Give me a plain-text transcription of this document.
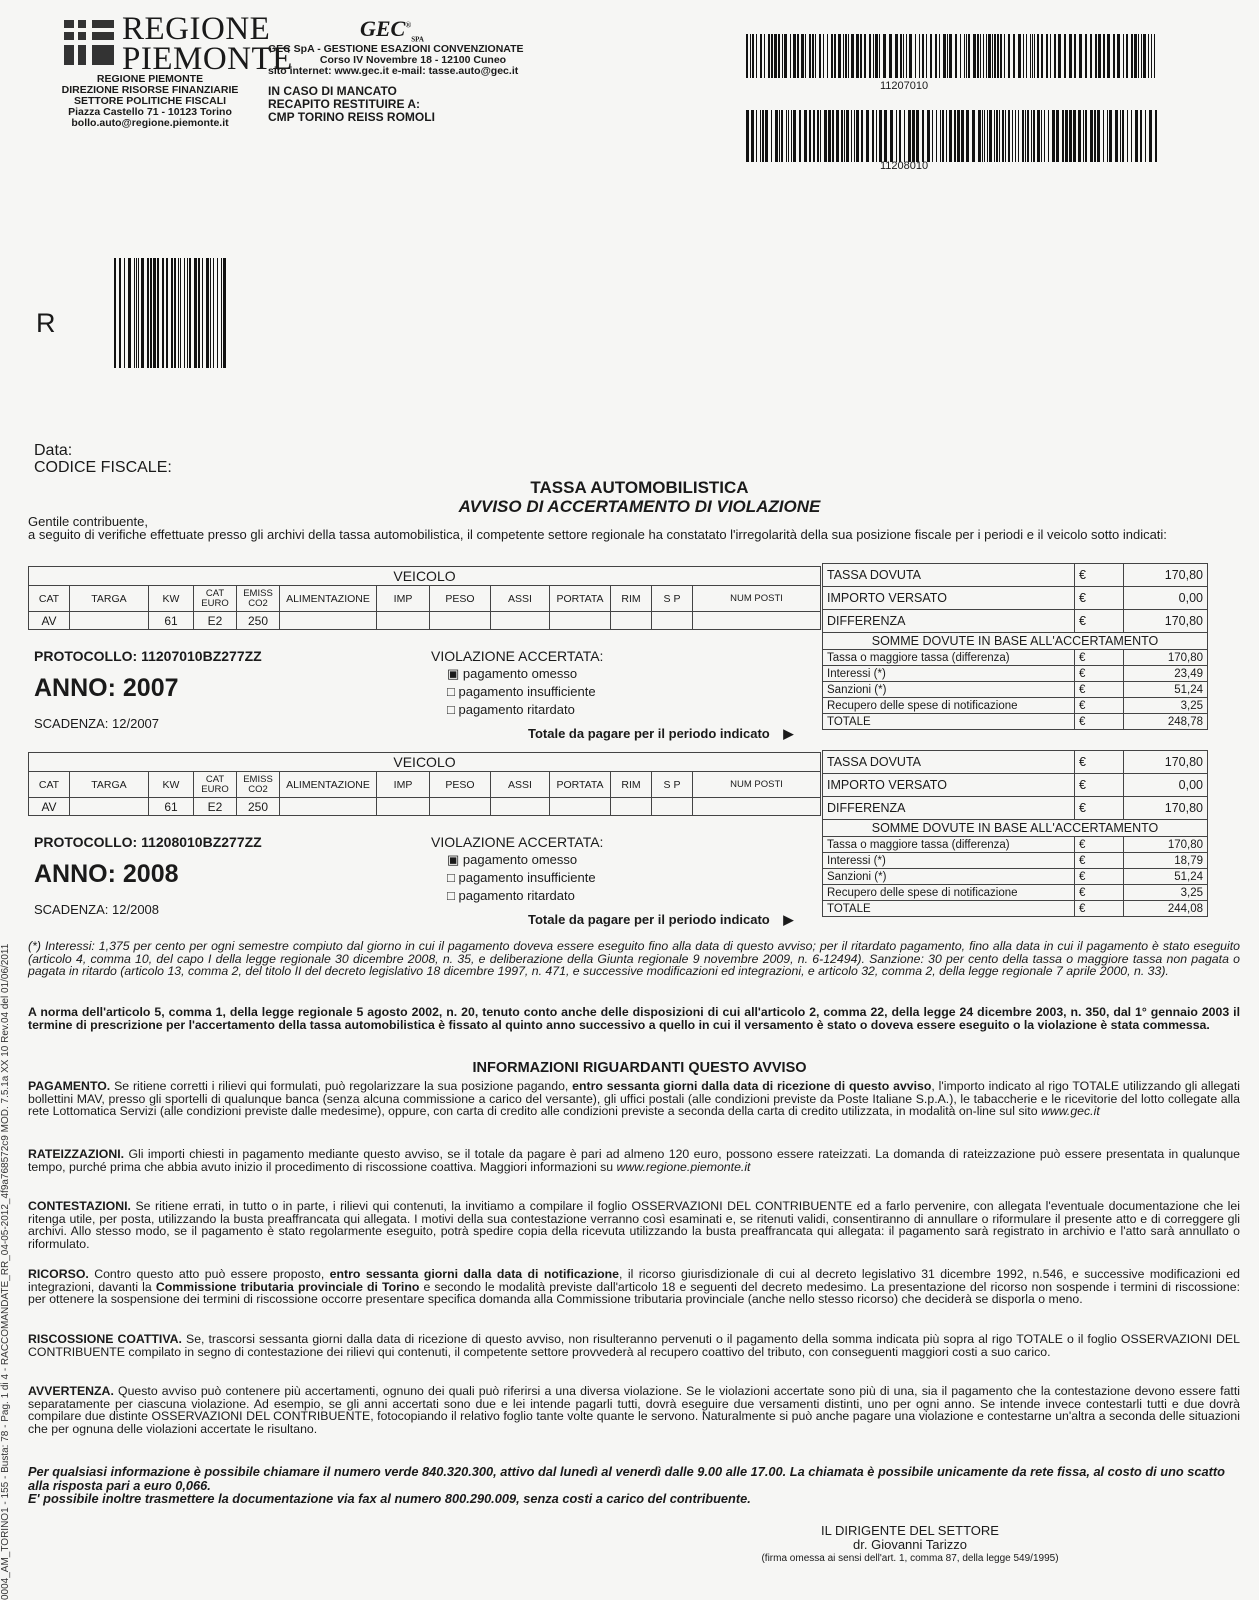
REGIONE
PIEMONTE
REGIONE PIEMONTE
DIREZIONE RISORSE FINANZIARIE
SETTORE POLITICHE FISCALI
Piazza Castello 71 - 10123 Torino
bollo.auto@regione.piemonte.it
$GEC®_{SPA}$
GEC SpA - GESTIONE ESAZIONI CONVENZIONATE
Corso IV Novembre 18 - 12100 Cuneo
sito internet: www.gec.it e-mail: tasse.auto@gec.it
IN CASO DI MANCATO
RECAPITO RESTITUIRE A:
CMP TORINO REISS ROMOLI
11207010
11208010
R
0004_AM_TORINO1 - 155 - Busta: 78 - Pag. 1 di 4 - RACCOMANDATE_RR_04-05-2012_4f9a768572c9 MOD. 7.5.1a XX 10 Rev.04 del 01/06/2011
Data:
CODICE FISCALE:
TASSA AUTOMOBILISTICA
AVVISO DI ACCERTAMENTO DI VIOLAZIONE
Gentile contribuente,
a seguito di verifiche effettuate presso gli archivi della tassa automobilistica, il competente settore regionale ha constatato l'irregolarità della sua posizione fiscale per i periodi e il veicolo sotto indicati:
VEICOLO												
CAT	TARGA	KW	CAT EURO	EMISS CO2	ALIMENTAZIONE	IMP	PESO	ASSI	PORTATA	RIM	S P	NUM POSTI
AV		61	E2	250								
TASSA DOVUTA	€	170,80
IMPORTO VERSATO	€	0,00
DIFFERENZA	€	170,80
SOMME DOVUTE IN BASE ALL'ACCERTAMENTO		
Tassa o maggiore tassa (differenza)	€	170,80
Interessi (*)	€	23,49
Sanzioni (*)	€	51,24
Recupero delle spese di notificazione	€	3,25
TOTALE	€	248,78
PROTOCOLLO: 11207010BZ277ZZ
ANNO: 2007
SCADENZA: 12/2007
VIOLAZIONE ACCERTATA:
▣ pagamento omesso
□ pagamento insufficiente
□ pagamento ritardato
Totale da pagare per il periodo indicato ▶
VEICOLO												
CAT	TARGA	KW	CAT EURO	EMISS CO2	ALIMENTAZIONE	IMP	PESO	ASSI	PORTATA	RIM	S P	NUM POSTI
AV		61	E2	250								
TASSA DOVUTA	€	170,80
IMPORTO VERSATO	€	0,00
DIFFERENZA	€	170,80
SOMME DOVUTE IN BASE ALL'ACCERTAMENTO		
Tassa o maggiore tassa (differenza)	€	170,80
Interessi (*)	€	18,79
Sanzioni (*)	€	51,24
Recupero delle spese di notificazione	€	3,25
TOTALE	€	244,08
PROTOCOLLO: 11208010BZ277ZZ
ANNO: 2008
SCADENZA: 12/2008
VIOLAZIONE ACCERTATA:
▣ pagamento omesso
□ pagamento insufficiente
□ pagamento ritardato
Totale da pagare per il periodo indicato ▶
(*) Interessi: 1,375 per cento per ogni semestre compiuto dal giorno in cui il pagamento doveva essere eseguito fino alla data di questo avviso; per il ritardato pagamento, fino alla data in cui il pagamento è stato eseguito (articolo 4, comma 10, del capo I della legge regionale 30 dicembre 2008, n. 35, e deliberazione della Giunta regionale 9 novembre 2009, n. 6-12494). Sanzione: 30 per cento della tassa o maggiore tassa non pagata o pagata in ritardo (articolo 13, comma 2, del titolo II del decreto legislativo 18 dicembre 1997, n. 471, e successive modificazioni ed integrazioni, e articolo 32, comma 2, della legge regionale 7 aprile 2000, n. 33).
A norma dell'articolo 5, comma 1, della legge regionale 5 agosto 2002, n. 20, tenuto conto anche delle disposizioni di cui all'articolo 2, comma 22, della legge 24 dicembre 2003, n. 350, dal 1° gennaio 2003 il termine di prescrizione per l'accertamento della tassa automobilistica è fissato al quinto anno successivo a quello in cui il versamento è stato o doveva essere eseguito o la violazione è stata commessa.
INFORMAZIONI RIGUARDANTI QUESTO AVVISO
PAGAMENTO. Se ritiene corretti i rilievi qui formulati, può regolarizzare la sua posizione pagando, entro sessanta giorni dalla data di ricezione di questo avviso, l'importo indicato al rigo TOTALE utilizzando gli allegati bollettini MAV, presso gli sportelli di qualunque banca (senza alcuna commissione a carico del versante), gli uffici postali (alle condizioni previste da Poste Italiane S.p.A.), le tabaccherie e le ricevitorie del lotto collegate alla rete Lottomatica Servizi (alle condizioni previste dalle medesime), oppure, con carta di credito alle condizioni previste a seconda della carta di credito utilizzata, in modalità on-line sul sito www.gec.it
RATEIZZAZIONI. Gli importi chiesti in pagamento mediante questo avviso, se il totale da pagare è pari ad almeno 120 euro, possono essere rateizzati. La domanda di rateizzazione può essere presentata in qualunque tempo, purché prima che abbia avuto inizio il procedimento di riscossione coattiva. Maggiori informazioni su www.regione.piemonte.it
CONTESTAZIONI. Se ritiene errati, in tutto o in parte, i rilievi qui contenuti, la invitiamo a compilare il foglio OSSERVAZIONI DEL CONTRIBUENTE ed a farlo pervenire, con allegata l'eventuale documentazione che lei ritenga utile, per posta, utilizzando la busta preaffrancata qui allegata. I motivi della sua contestazione verranno così esaminati e, se ritenuti validi, consentiranno di annullare o riformulare il presente atto e di correggere gli archivi. Allo stesso modo, se il pagamento è stato regolarmente eseguito, potrà spedire copia della ricevuta utilizzando la busta preaffrancata qui allegata: il pagamento sarà registrato in archivio e l'atto sarà annullato o riformulato.
RICORSO. Contro questo atto può essere proposto, entro sessanta giorni dalla data di notificazione, il ricorso giurisdizionale di cui al decreto legislativo 31 dicembre 1992, n.546, e successive modificazioni ed integrazioni, davanti la Commissione tributaria provinciale di Torino e secondo le modalità previste dall'articolo 18 e seguenti del decreto medesimo. La presentazione del ricorso non sospende i termini di riscossione: per ottenere la sospensione dei termini di riscossione occorre presentare specifica domanda alla Commissione tributaria provinciale (anche nello stesso ricorso) che deciderà se disporla o meno.
RISCOSSIONE COATTIVA. Se, trascorsi sessanta giorni dalla data di ricezione di questo avviso, non risulteranno pervenuti o il pagamento della somma indicata più sopra al rigo TOTALE o il foglio OSSERVAZIONI DEL CONTRIBUENTE compilato in segno di contestazione dei rilievi qui contenuti, il competente settore provvederà al recupero coattivo del tributo, con conseguenti maggiori costi a suo carico.
AVVERTENZA. Questo avviso può contenere più accertamenti, ognuno dei quali può riferirsi a una diversa violazione. Se le violazioni accertate sono più di una, sia il pagamento che la contestazione devono essere fatti separatamente per ciascuna violazione. Ad esempio, se gli anni accertati sono due e lei intende pagarli tutti, dovrà eseguire due versamenti distinti, uno per ogni anno. Se intende invece contestarli tutti e due dovrà compilare due distinte OSSERVAZIONI DEL CONTRIBUENTE, fotocopiando il relativo foglio tante volte quante le servono. Naturalmente si può anche pagare una violazione e contestarne un'altra a seconda delle situazioni che per ognuna delle violazioni accertate le risultano.
Per qualsiasi informazione è possibile chiamare il numero verde 840.320.300, attivo dal lunedì al venerdì dalle 9.00 alle 17.00. La chiamata è possibile unicamente da rete fissa, al costo di uno scatto alla risposta pari a euro 0,066.
E' possibile inoltre trasmettere la documentazione via fax al numero 800.290.009, senza costi a carico del contribuente.
IL DIRIGENTE DEL SETTORE
dr. Giovanni Tarizzo
(firma omessa ai sensi dell'art. 1, comma 87, della legge 549/1995)
